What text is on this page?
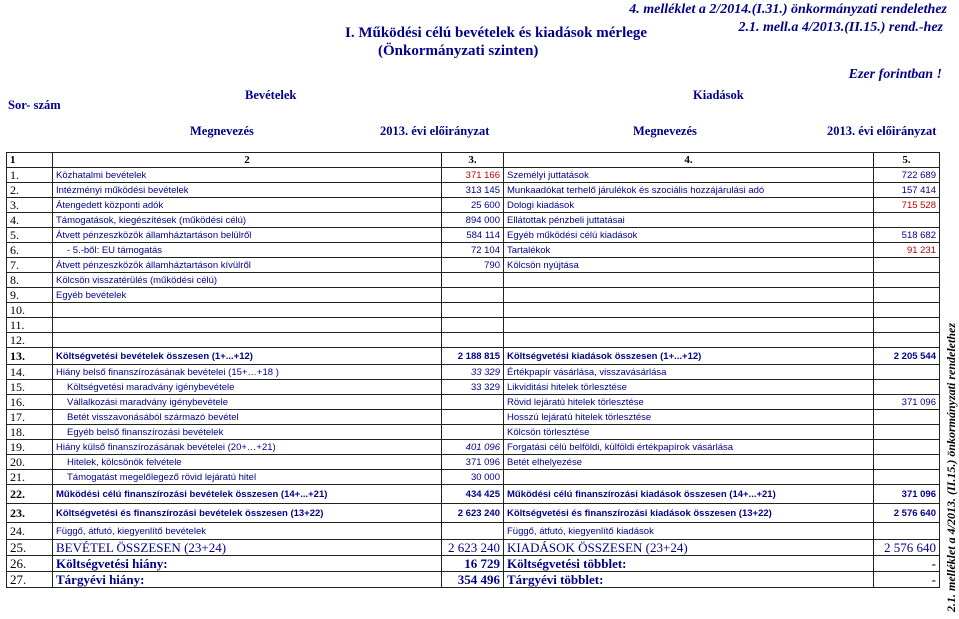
I. Működési célú bevételek és kiadások mérlege
(Önkormányzati szinten)
4. melléklet a 2/2014.(I.31.) önkormányzati rendelethez
2.1. mell.a 4/2013.(II.15.) rend.-hez
Ezer forintban !
Sor- szám
Bevételek	Kiadások
Megnevezés	2013. évi előirányzat	Megnevezés	2013. évi előirányzat
1	2	3.	4.	5.
1.	Közhatalmi bevételek	371 166	Személyi juttatások	722 689
2.	Intézményi működési bevételek	313 145	Munkaadókat terhelő járulékok és szociális hozzájárulási adó	157 414
3.	Átengedett központi adók	25 600	Dologi kiadások	715 528
4.	Támogatások, kiegészítések (működési célú)	894 000	Ellátottak pénzbeli juttatásai	
5.	Átvett pénzeszközök államháztartáson belülről	584 114	Egyéb működési célú kiadások	518 682
6.	- 5.-ből: EU támogatás	72 104	Tartalékok	91 231
7.	Átvett pénzeszközök államháztartáson kívülről	790	Kölcsön nyújtása	
8.	Kölcsön visszatérülés (működési célú)			
9.	Egyéb bevételek			
10.				
11.				
12.				
13.	Költségvetési bevételek összesen (1+...+12)	2 188 815	Költségvetési kiadások összesen (1+...+12)	2 205 544
14.	Hiány belső finanszírozásának bevételei (15+…+18 )	33 329	Értékpapír vásárlása, visszavásárlása	
15.	Költségvetési maradvány igénybevétele	33 329	Likviditási hitelek törlesztése	
16.	Vállalkozási maradvány igénybevétele		Rövid lejáratú hitelek törlesztése	371 096
17.	Betét visszavonásából származó bevétel		Hosszú lejáratú hitelek törlesztése	
18.	Egyéb belső finanszírozási bevételek		Kölcsön törlesztése	
19.	Hiány külső finanszírozásának bevételei (20+…+21)	401 096	Forgatási célú belföldi, külföldi értékpapírok vásárlása	
20.	Hitelek, kölcsönök felvétele	371 096	Betét elhelyezése	
21.	Támogatást megelőlegező rövid lejáratú hitel	30 000		
22.	Működési célú finanszírozási bevételek összesen (14+...+21)	434 425	Működési célú finanszírozási kiadások összesen (14+...+21)	371 096
23.	Költségvetési és finanszírozási bevételek összesen (13+22)	2 623 240	Költségvetési és finanszírozási kiadások összesen (13+22)	2 576 640
24.	Függő, átfutó, kiegyenlítő bevételek		Függő, átfutó, kiegyenlítő kiadások	
25.	BEVÉTEL ÖSSZESEN (23+24)	2 623 240	KIADÁSOK ÖSSZESEN (23+24)	2 576 640
26.	Költségvetési hiány:	16 729	Költségvetési többlet:	-
27.	Tárgyévi hiány:	354 496	Tárgyévi többlet:	- 2.1. melléklet a 4/2013. (II.15.) önkormányzati rendelethez
